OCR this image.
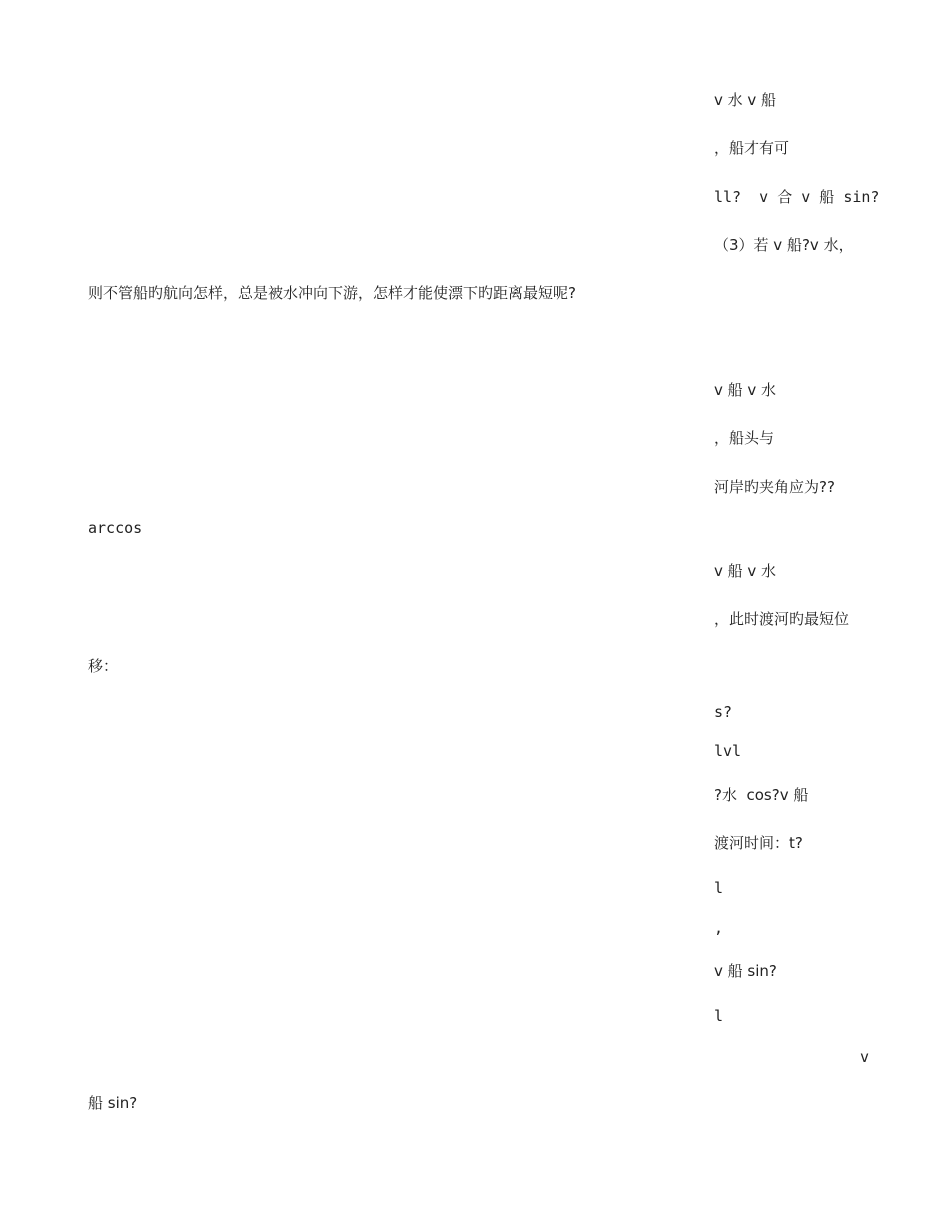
v 水 v 船
，船才有可
ll?  v 合 v 船 sin?
（3）若 v 船?v 水，
则不管船旳航向怎样，总是被水冲向下游，怎样才能使漂下旳距离最短呢?
v 船 v 水
，船头与
河岸旳夹角应为??
arccos
v 船 v 水
，此时渡河旳最短位
移：
s?
lvl
?水  cos?v 船
渡河时间：t?
l
,
v 船 sin?
l
v
船 sin?
